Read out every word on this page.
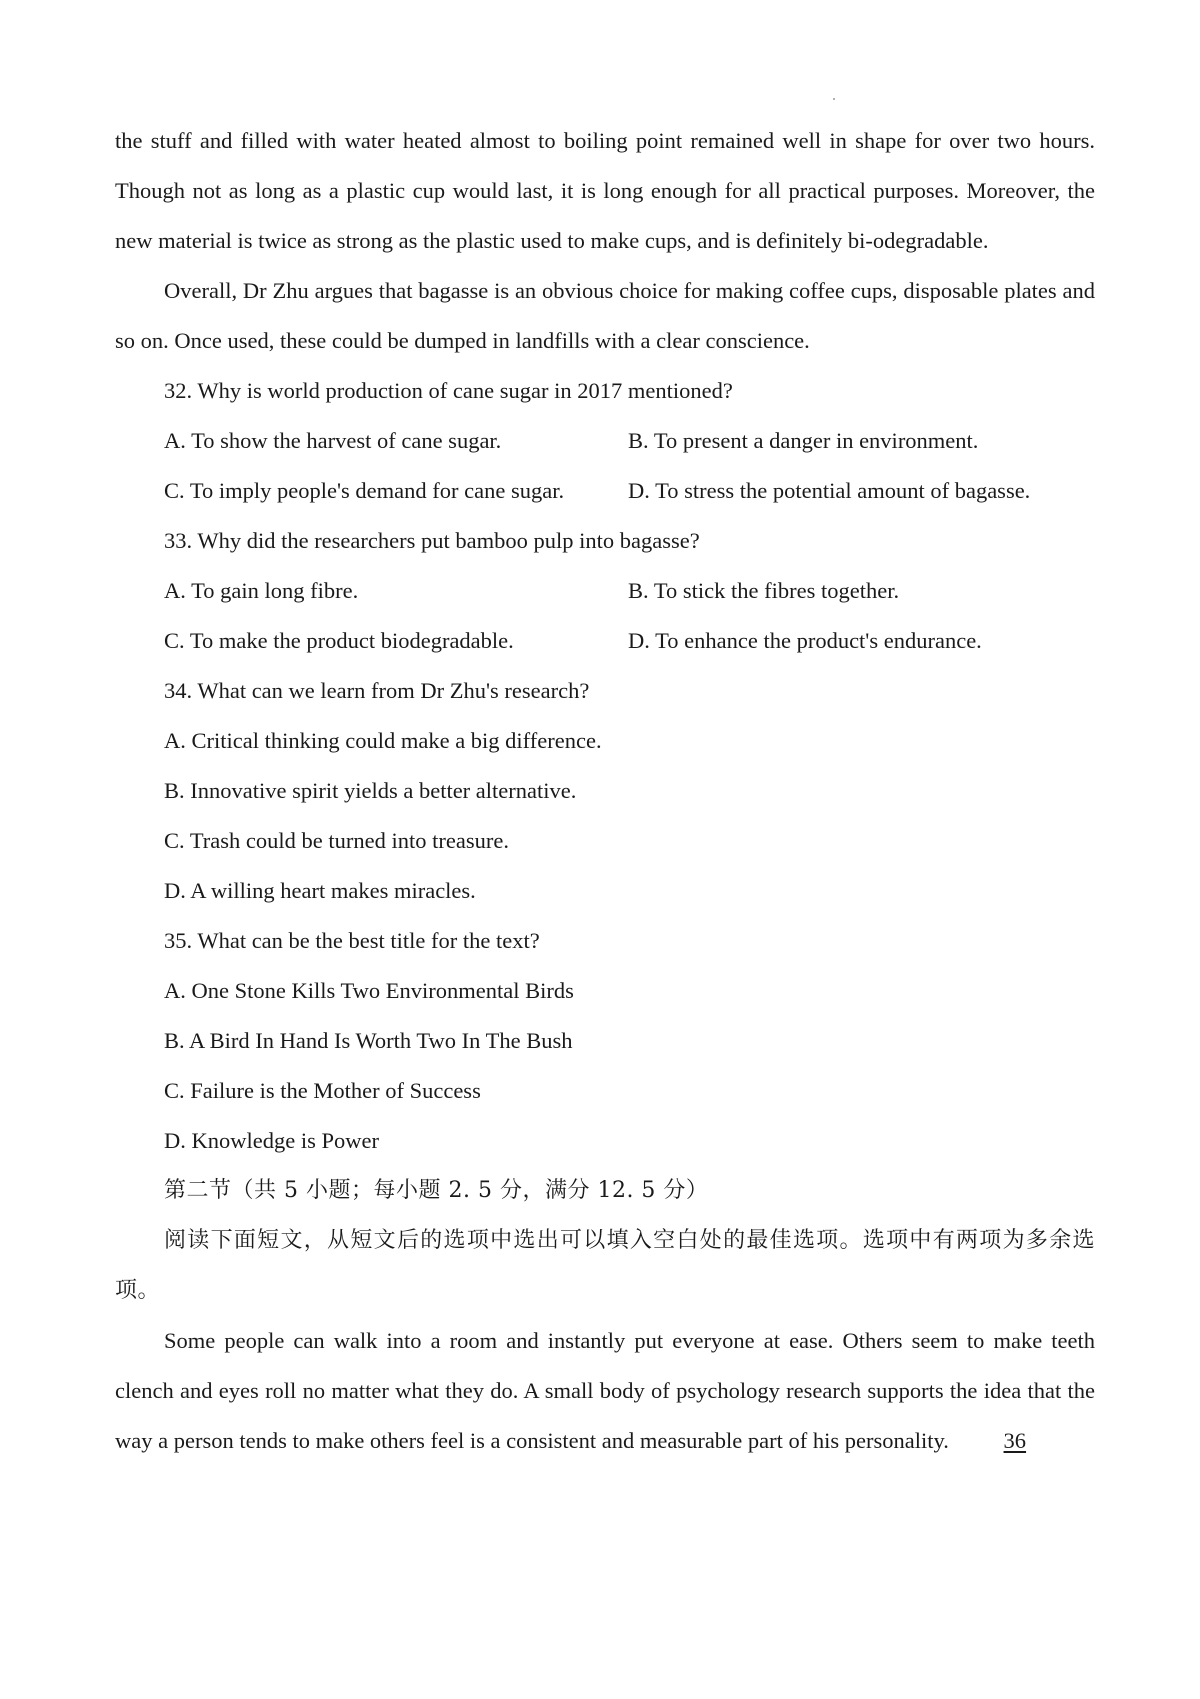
the stuff and filled with water heated almost to boiling point remained well in shape for over two hours. Though not as long as a plastic cup would last, it is long enough for all practical purposes. Moreover, the new material is twice as strong as the plastic used to make cups, and is definitely bi-odegradable.

Overall, Dr Zhu argues that bagasse is an obvious choice for making coffee cups, disposable plates and so on. Once used, these could be dumped in landfills with a clear conscience.

32. Why is world production of cane sugar in 2017 mentioned?

A. To show the harvest of cane sugar.	B. To present a danger in environment.
C. To imply people's demand for cane sugar.	D. To stress the potential amount of bagasse.

33. Why did the researchers put bamboo pulp into bagasse?

A. To gain long fibre.	B. To stick the fibres together.
C. To make the product biodegradable.	D. To enhance the product's endurance.

34. What can we learn from Dr Zhu's research?

A. Critical thinking could make a big difference.

B. Innovative spirit yields a better alternative.

C. Trash could be turned into treasure.

D. A willing heart makes miracles.

35. What can be the best title for the text?

A. One Stone Kills Two Environmental Birds

B. A Bird In Hand Is Worth Two In The Bush

C. Failure is the Mother of Success

D. Knowledge is Power

第二节（共 5 小题；每小题 2. 5 分，满分 12. 5 分）

阅读下面短文，从短文后的选项中选出可以填入空白处的最佳选项。选项中有两项为多余选项。

Some people can walk into a room and instantly put everyone at ease. Others seem to make teeth clench and eyes roll no matter what they do. A small body of psychology research supports the idea that the way a person tends to make others feel is a consistent and measurable part of his personality. 36
